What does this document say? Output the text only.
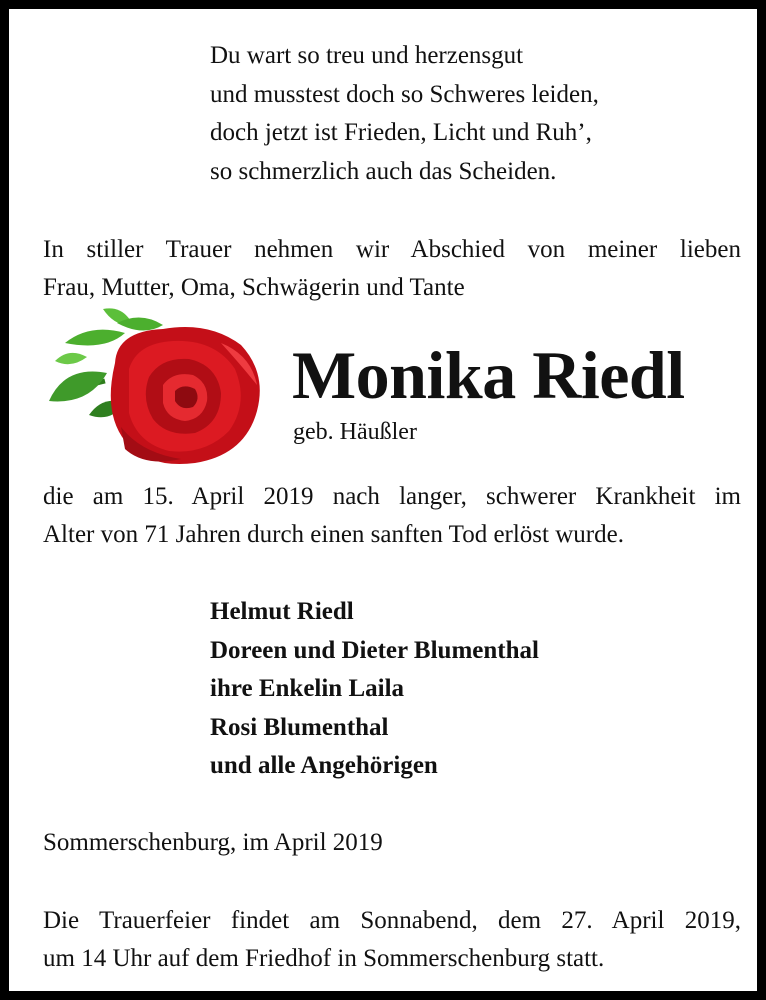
Du wart so treu und herzensgut
und musstest doch so Schweres leiden,
doch jetzt ist Frieden, Licht und Ruh’,
so schmerzlich auch das Scheiden.
In stiller Trauer nehmen wir Abschied von meiner lieben
Frau, Mutter, Oma, Schwägerin und Tante
Monika Riedl
geb. Häußler
die am 15. April 2019 nach langer, schwerer Krankheit im
Alter von 71 Jahren durch einen sanften Tod erlöst wurde.
Helmut Riedl
Doreen und Dieter Blumenthal
ihre Enkelin Laila
Rosi Blumenthal
und alle Angehörigen
Sommerschenburg, im April 2019
Die Trauerfeier findet am Sonnabend, dem 27. April 2019,
um 14 Uhr auf dem Friedhof in Sommerschenburg statt.
